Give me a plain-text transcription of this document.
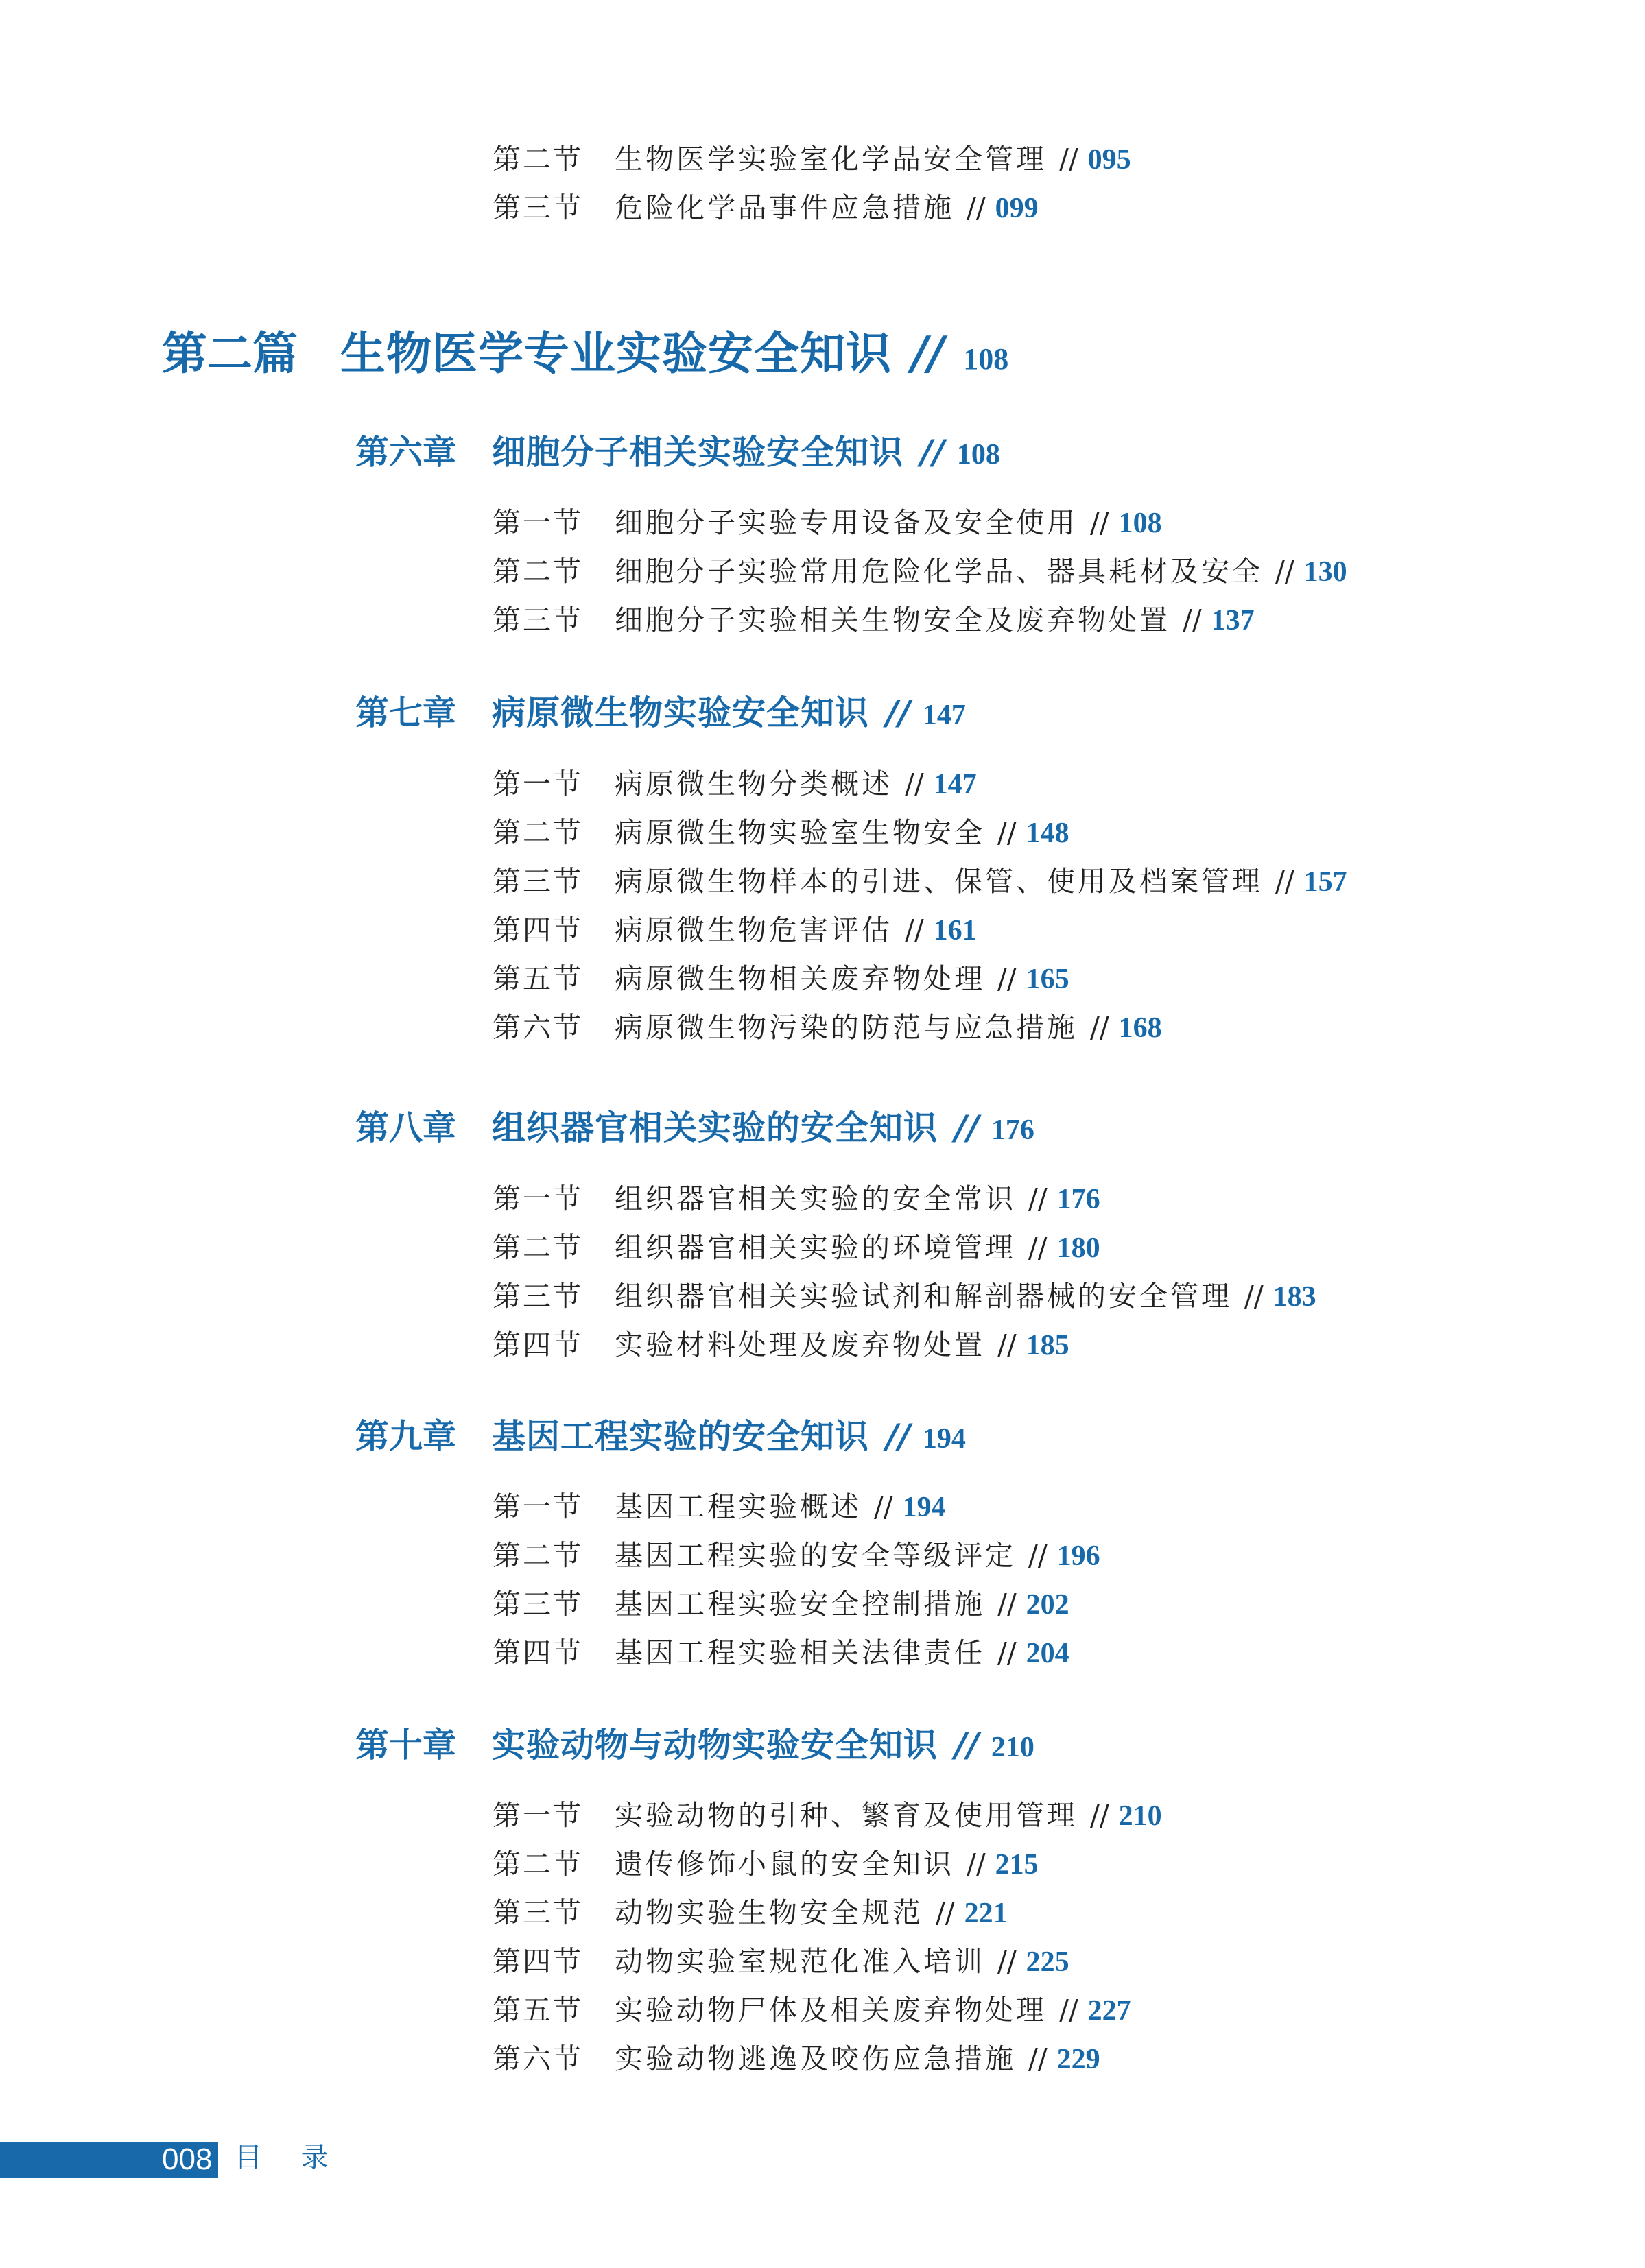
第二节 生物医学实验室化学品安全管理 // 095
第三节 危险化学品事件应急措施 // 099
第二篇 生物医学专业实验安全知识 // 108
第六章 细胞分子相关实验安全知识 // 108
第一节 细胞分子实验专用设备及安全使用 // 108
第二节 细胞分子实验常用危险化学品、器具耗材及安全 // 130
第三节 细胞分子实验相关生物安全及废弃物处置 // 137
第七章 病原微生物实验安全知识 // 147
第一节 病原微生物分类概述 // 147
第二节 病原微生物实验室生物安全 // 148
第三节 病原微生物样本的引进、保管、使用及档案管理 // 157
第四节 病原微生物危害评估 // 161
第五节 病原微生物相关废弃物处理 // 165
第六节 病原微生物污染的防范与应急措施 // 168
第八章 组织器官相关实验的安全知识 // 176
第一节 组织器官相关实验的安全常识 // 176
第二节 组织器官相关实验的环境管理 // 180
第三节 组织器官相关实验试剂和解剖器械的安全管理 // 183
第四节 实验材料处理及废弃物处置 // 185
第九章 基因工程实验的安全知识 // 194
第一节 基因工程实验概述 // 194
第二节 基因工程实验的安全等级评定 // 196
第三节 基因工程实验安全控制措施 // 202
第四节 基因工程实验相关法律责任 // 204
第十章 实验动物与动物实验安全知识 // 210
第一节 实验动物的引种、繁育及使用管理 // 210
第二节 遗传修饰小鼠的安全知识 // 215
第三节 动物实验生物安全规范 // 221
第四节 动物实验室规范化准入培训 // 225
第五节 实验动物尸体及相关废弃物处理 // 227
第六节 实验动物逃逸及咬伤应急措施 // 229
008 目 录
